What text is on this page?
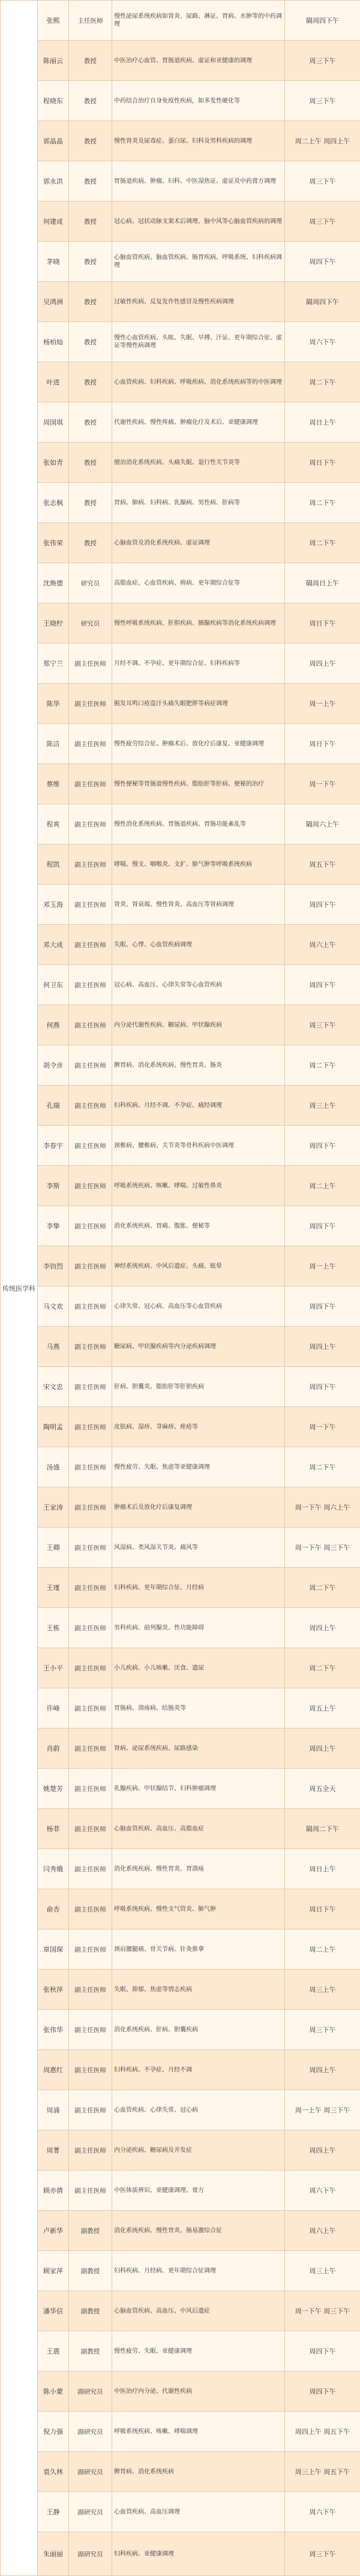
传统医学科	张熙	主任医师	慢性泌尿系统疾病如肾炎、尿路、淋证、胃病、水肿等的中药调理	隔周四下午
	陈丽云	教授	中医治疗心血管、胃肠道疾病、虚证和亚健康的调理	周三下午
	程晓东	教授	中药结合治疗自身免疫性疾病，如多发性硬化等	周三下午
	郭晶晶	教授	慢性肾炎及尿毒症、蛋白尿、妇科及男科疾病的调理	周二上午 周四上午
	郭永洪	教授	胃肠道疾病、肿瘤、妇科、中医湿热证、虚证及中药膏方调理	周三下午
	何建成	教授	冠心病、冠状动脉支架术后调理、脑中风等心脑血管疾病的调理	周三下午
	茅晓	教授	心脑血管疾病、脑血管疾病、肠胃疾病、呼吸系统、妇科疾病调理	周四下午
	吴鸿洲	教授	过敏性疾病、反复发作性感冒及慢性疾病调理	隔周四下午
	杨柏灿	教授	慢性心血管疾病、头眩、失眠、早搏、汗证、更年期综合征、虚证等慢性病调理	周六下午
	叶进	教授	心血管疾病、妇科疾病、呼吸疾病、消化系统疾病等的中医调理	周二下午
	周国琪	教授	代谢性疾病、慢性疼痛、肿瘤化疗及术后、亚健康调理	周日上午
	张如青	教授	擅治消化系统疾病、头痛失眠、退行性关节炎等	周日下午
	张志枫	教授	胃病、肺病、妇科病、乳腺病、男性病、肝病等	周二下午
	张伟荣	教授	心脑血管及消化系统疾病、虚证调理	周二下午
	沈焕德	研究员	高脂血症、心血管疾病、痹病、更年期综合征等	隔周日上午
	王晓柠	研究员	慢性呼吸系统疾病、肝胆疾病、胰腺疾病等消化系统疾病调理	周日下午
	郑宁兰	副主任医师	月经不调、不孕症、更年期综合征、妇科疾病等	周四上午
	陈华	副主任医师	脱发耳鸣口疮盗汗头痛失眠肥胖等病症调理	周一上午
	陈洁	副主任医师	慢性疲劳综合征、肿瘤术后、放化疗后康复、亚健康调理	周日下午
	蔡维	副主任医师	慢性便秘等胃肠道慢性疾病、脂肪肝等肝病、便秘的治疗	周一下午
	程爽	副主任医师	慢性消化系统疾病、胃肠道疾病、胃肠功能紊乱等	隔周六上午
	程凯	副主任医师	哮喘、慢支、咽喉炎、支扩、肺气肿等呼吸系统疾病	周五下午
	邓玉海	副主任医师	肾炎、肾衰竭、慢性肾炎、高血压等肾病调理	周四下午
	邓大成	副主任医师	失眠、心悸、心血管疾病调理	周六上午
	何卫东	副主任医师	冠心病、高血压、心律失常等心血管疾病	周四下午
	何燕	副主任医师	内分泌代谢性疾病、糖尿病、甲状腺疾病	周三下午
	胡令彦	副主任医师	脾胃病、消化系统疾病、慢性胃炎、肠炎	周二下午
	孔瑞	副主任医师	妇科疾病、月经不调、不孕症、痛经调理	周三上午
	李春宇	副主任医师	颈椎病、腰椎病、关节炎等骨科疾病中医调理	周四下午
	李斯	副主任医师	呼吸系统疾病、咳嗽、哮喘、过敏性鼻炎	周二上午
	李挚	副主任医师	消化系统疾病、胃痛、腹胀、便秘等	周四下午
	李钧烈	副主任医师	神经系统疾病、中风后遗症、头痛、眩晕	周一上午
	马文欢	副主任医师	心律失常、冠心病、高血压等心血管疾病	周四下午
	马燕	副主任医师	糖尿病、甲状腺疾病等内分泌疾病调理	周四上午
	宋文忠	副主任医师	肝病、胆囊炎、脂肪肝等肝胆疾病	周四下午
	陶明孟	副主任医师	皮肤病、湿疹、荨麻疹、痤疮等	周一下午
	汤盛	副主任医师	慢性疲劳、失眠、焦虑等亚健康调理	周二下午
	王家涛	副主任医师	肿瘤术后及放化疗后康复调理	周一下午 周六上午
	王卿	副主任医师	风湿病、类风湿关节炎、痛风等	周一下午 周三下午
	王瑾	副主任医师	妇科疾病、更年期综合征、月经病	周二下午
	王栋	副主任医师	男科疾病、前列腺炎、性功能障碍	周四上午
	王小平	副主任医师	小儿疾病、小儿咳嗽、厌食、遗尿	周二下午
	许峰	副主任医师	胃肠病、溃疡病、结肠炎等	周五上午
	肖蔚	副主任医师	肾病、泌尿系统疾病、尿路感染	周四上午
	姚楚芳	副主任医师	乳腺疾病、甲状腺结节、妇科肿瘤调理	周五全天
	杨菲	副主任医师	心脑血管疾病、高血压、高脂血症	隔周二下午
	闫秀娥	副主任医师	消化系统疾病、慢性胃炎、胃溃疡	周日上午
	俞杏	副主任医师	呼吸系统疾病、慢性支气管炎、肺气肿	周日下午
	章国琛	副主任医师	颈肩腰腿痛、骨关节病、针灸推拿	周二上午
	张秋萍	副主任医师	失眠、抑郁、焦虑等情志疾病	周三上午
	张伟华	副主任医师	消化系统疾病、肝病、胆囊疾病	周三下午
	周惠红	副主任医师	妇科疾病、不孕症、月经不调	周四上午
	周涌	副主任医师	心血管疾病、心律失常、冠心病	周一上午 周三下午
	周菁	副主任医师	内分泌疾病、糖尿病及并发症	周四上午
	顾亦倩	副主任医师	中医体质辨识、亚健康调理、膏方	周六下午
	卢新华	副教授	消化系统疾病、慢性胃炎、肠易激综合征	周六上午
	顾家萍	副教授	妇科疾病、月经病、更年期综合征调理	周三上午
	潘华信	副教授	心脑血管疾病、高血压、中风后遗症	周一下午 周三下午
	王震	副教授	慢性疲劳、失眠、亚健康调理	周四下午
	陈小蒙	副研究员	中医治疗内分泌、代谢性疾病	周四下午
	倪力强	副研究员	呼吸系统疾病、咳嗽、哮喘调理	周四上午 周五下午
	袁久林	副研究员	脾胃病、消化系统疾病	周三上午 周五下午
	王静	副研究员	心血管疾病、高血压调理	周六下午
	朱丽丽	副研究员	妇科疾病、亚健康调理	周三下午
